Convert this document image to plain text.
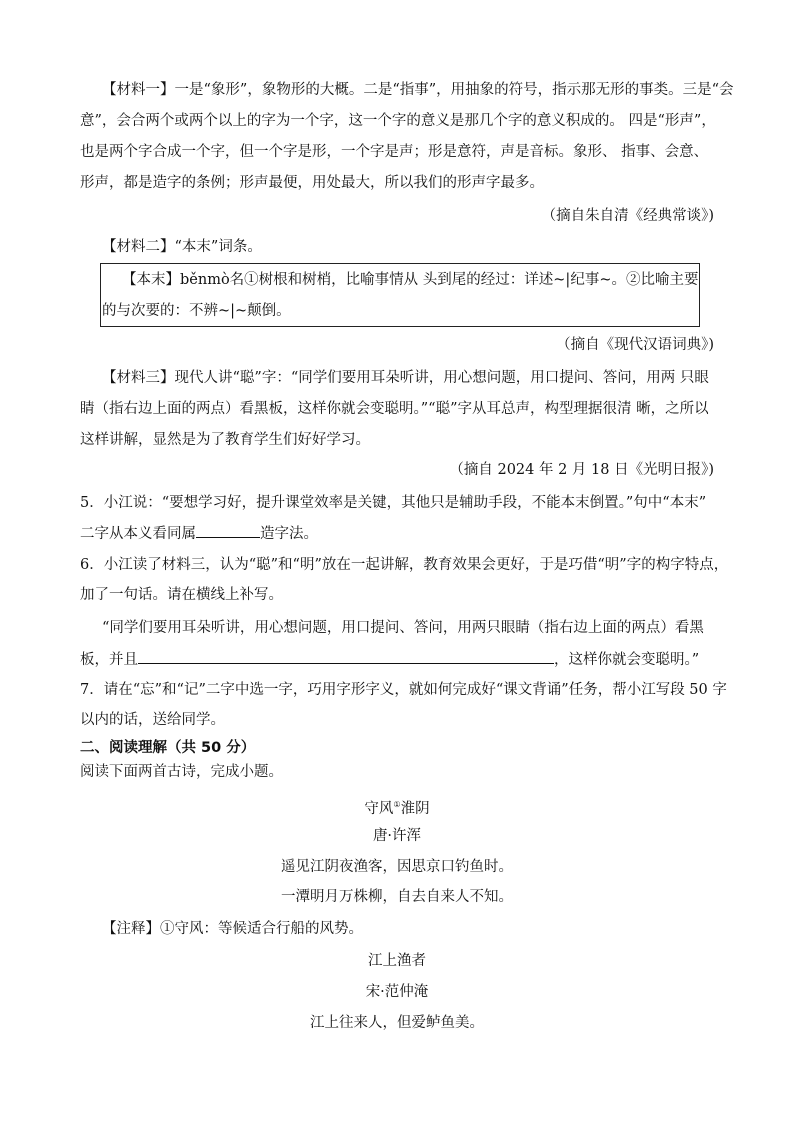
【材料一】一是“象形”，象物形的大概。二是“指事”，用抽象的符号，指示那无形的事类。三是“会
意”，会合两个或两个以上的字为一个字，这一个字的意义是那几个字的意义积成的。 四是“形声”，
也是两个字合成一个字，但一个字是形，一个字是声；形是意符，声是音标。象形、 指事、会意、
形声，都是造字的条例；形声最便，用处最大，所以我们的形声字最多。
（摘自朱自清《经典常谈》)
【材料二】“本末”词条。
【本末】běnmò名①树根和树梢，比喻事情从 头到尾的经过：详述~|纪事~。②比喻主要
的与次要的：不辨~|~颠倒。
（摘自《现代汉语词典》)
【材料三】现代人讲“聪”字：“同学们要用耳朵听讲，用心想问题，用口提问、答问，用两 只眼
睛（指右边上面的两点）看黑板，这样你就会变聪明。”“聪”字从耳总声，构型理据很清 晰，之所以
这样讲解，显然是为了教育学生们好好学习。
（摘自 2024 年 2 月 18 日《光明日报》)
5．小江说：“要想学习好，提升课堂效率是关键，其他只是辅助手段，不能本末倒置。”句中“本末”
二字从本义看同属	造字法。
6．小江读了材料三，认为“聪”和“明”放在一起讲解，教育效果会更好，于是巧借“明”字的构字特点，
加了一句话。请在横线上补写。
“同学们要用耳朵听讲，用心想问题，用口提问、答问，用两只眼睛（指右边上面的两点）看黑
板，并且	，这样你就会变聪明。”
7．请在“忘”和“记”二字中选一字，巧用字形字义，就如何完成好“课文背诵”任务，帮小江写段 50 字
以内的话，送给同学。
二、阅读理解（共 50 分）
阅读下面两首古诗，完成小题。
守风①淮阴
唐·许浑
遥见江阴夜渔客，因思京口钓鱼时。
一潭明月万株柳，自去自来人不知。
【注释】①守风：等候适合行船的风势。
江上渔者
宋·范仲淹
江上往来人，但爱鲈鱼美。
